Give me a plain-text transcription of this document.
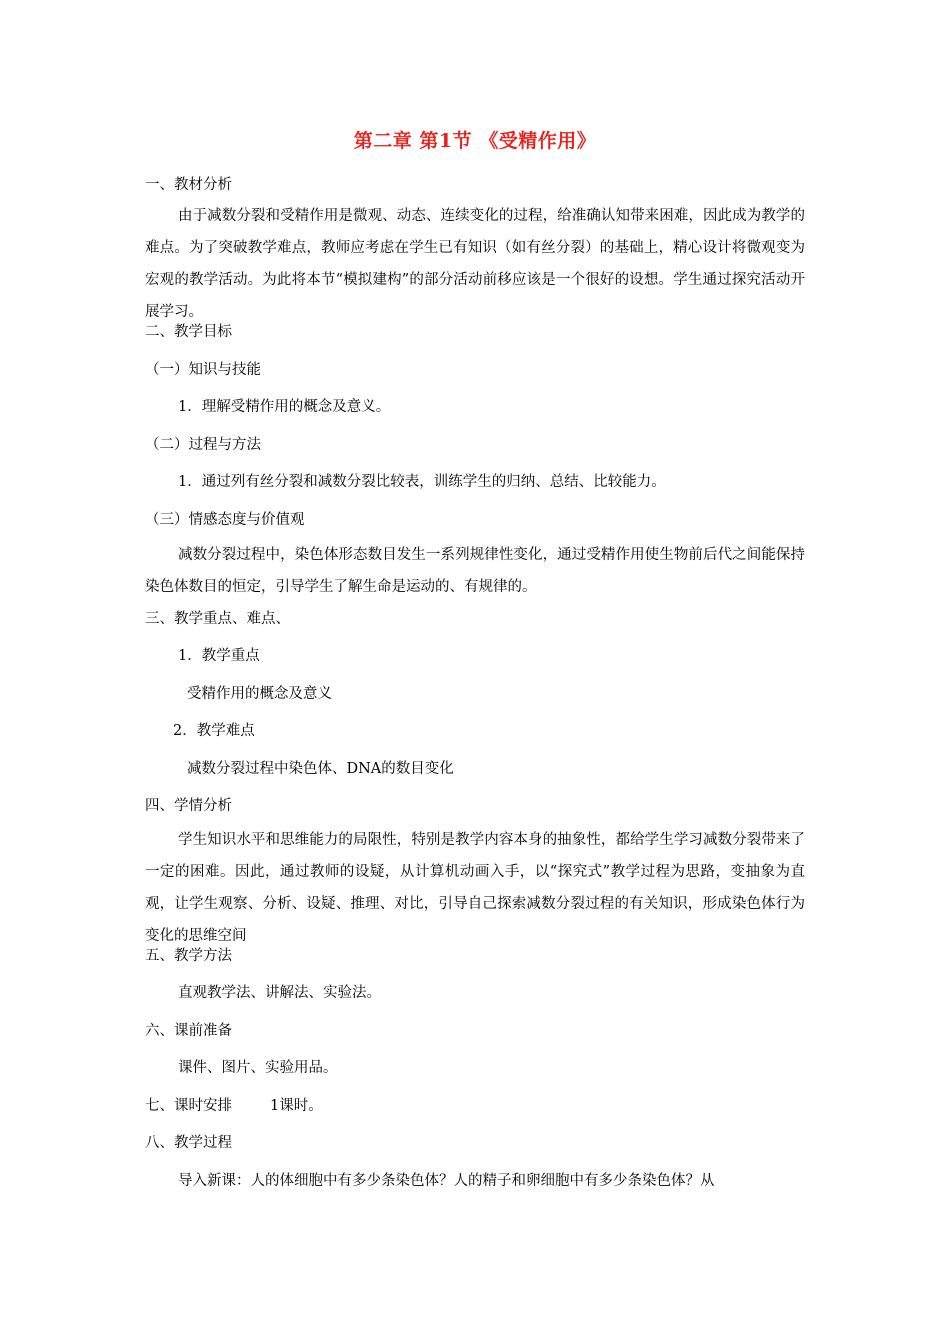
第二章 第1节 《受精作用》
一、教材分析
由于减数分裂和受精作用是微观、动态、连续变化的过程，给准确认知带来困难，因此成为教学的难点。为了突破教学难点，教师应考虑在学生已有知识（如有丝分裂）的基础上，精心设计将微观变为宏观的教学活动。为此将本节“模拟建构”的部分活动前移应该是一个很好的设想。学生通过探究活动开展学习。
二、教学目标
（一）知识与技能
1．理解受精作用的概念及意义。
（二）过程与方法
1．通过列有丝分裂和减数分裂比较表，训练学生的归纳、总结、比较能力。
（三）情感态度与价值观
减数分裂过程中，染色体形态数目发生一系列规律性变化，通过受精作用使生物前后代之间能保持染色体数目的恒定，引导学生了解生命是运动的、有规律的。
三、教学重点、难点、
1．教学重点
受精作用的概念及意义
2．教学难点
减数分裂过程中染色体、DNA的数目变化
四、学情分析
学生知识水平和思维能力的局限性，特别是教学内容本身的抽象性，都给学生学习减数分裂带来了一定的困难。因此，通过教师的设疑，从计算机动画入手，以“探究式”教学过程为思路，变抽象为直观，让学生观察、分析、设疑、推理、对比，引导自己探索减数分裂过程的有关知识，形成染色体行为变化的思维空间
五、教学方法
直观教学法、讲解法、实验法。
六、课前准备
课件、图片、实验用品。
七、课时安排	1课时。
八、教学过程
导入新课：人的体细胞中有多少条染色体？人的精子和卵细胞中有多少条染色体？从
